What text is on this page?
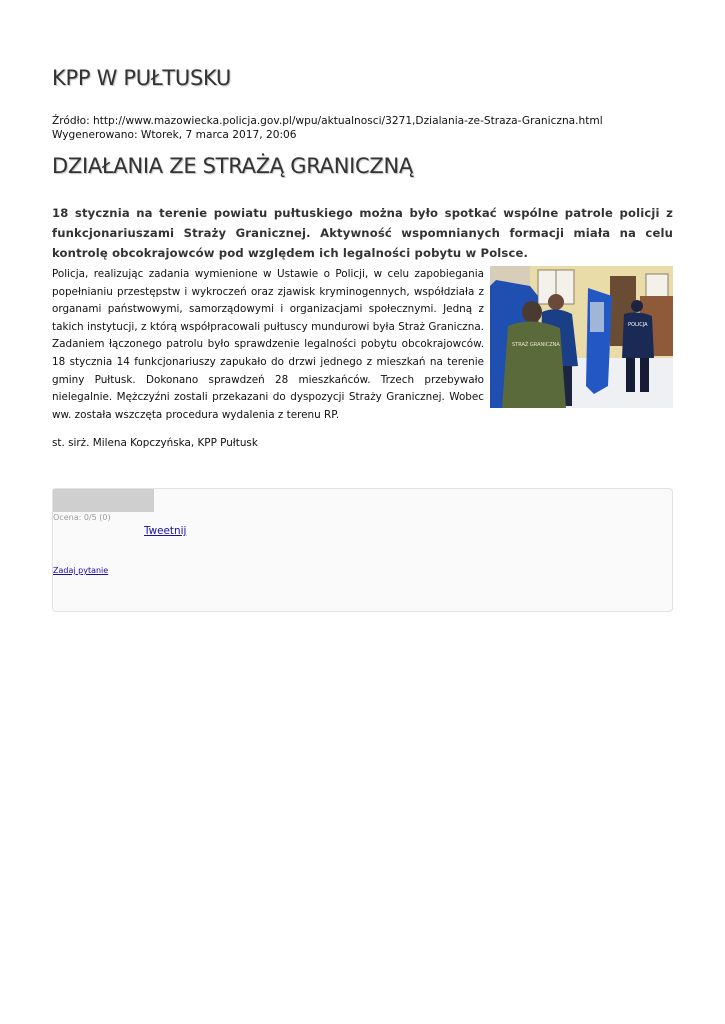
KPP W PUŁTUSKU
Źródło: http://www.mazowiecka.policja.gov.pl/wpu/aktualnosci/3271,Dzialania-ze-Straza-Graniczna.html
Wygenerowano: Wtorek, 7 marca 2017, 20:06
DZIAŁANIA ZE STRAŻĄ GRANICZNĄ

18 stycznia na terenie powiatu pułtuskiego można było spotkać wspólne patrole policji z funkcjonariuszami Straży Granicznej. Aktywność wspomnianych formacji miała na celu kontrolę obcokrajowców pod względem ich legalności pobytu w Polsce.

STRAŻ GRANICZNA
POLICJA

Policja, realizując zadania wymienione w Ustawie o Policji, w celu zapobiegania popełnianiu przestępstw i wykroczeń oraz zjawisk kryminogennych, współdziała z organami państwowymi, samorządowymi i organizacjami społecznymi. Jedną z takich instytucji, z którą współpracowali pułtuscy mundurowi była Straż Graniczna. Zadaniem łączonego patrolu było sprawdzenie legalności pobytu obcokrajowców. 18 stycznia 14 funkcjonariuszy zapukało do drzwi jednego z mieszkań na terenie gminy Pułtusk. Dokonano sprawdzeń 28 mieszkańców. Trzech przebywało nielegalnie. Mężczyźni zostali przekazani do dyspozycji Straży Granicznej. Wobec ww. została wszczęta procedura wydalenia z terenu RP.

st. sirż. Milena Kopczyńska, KPP Pułtusk
Ocena: 0/5 (0)
Tweetnij
Zadaj pytanie
